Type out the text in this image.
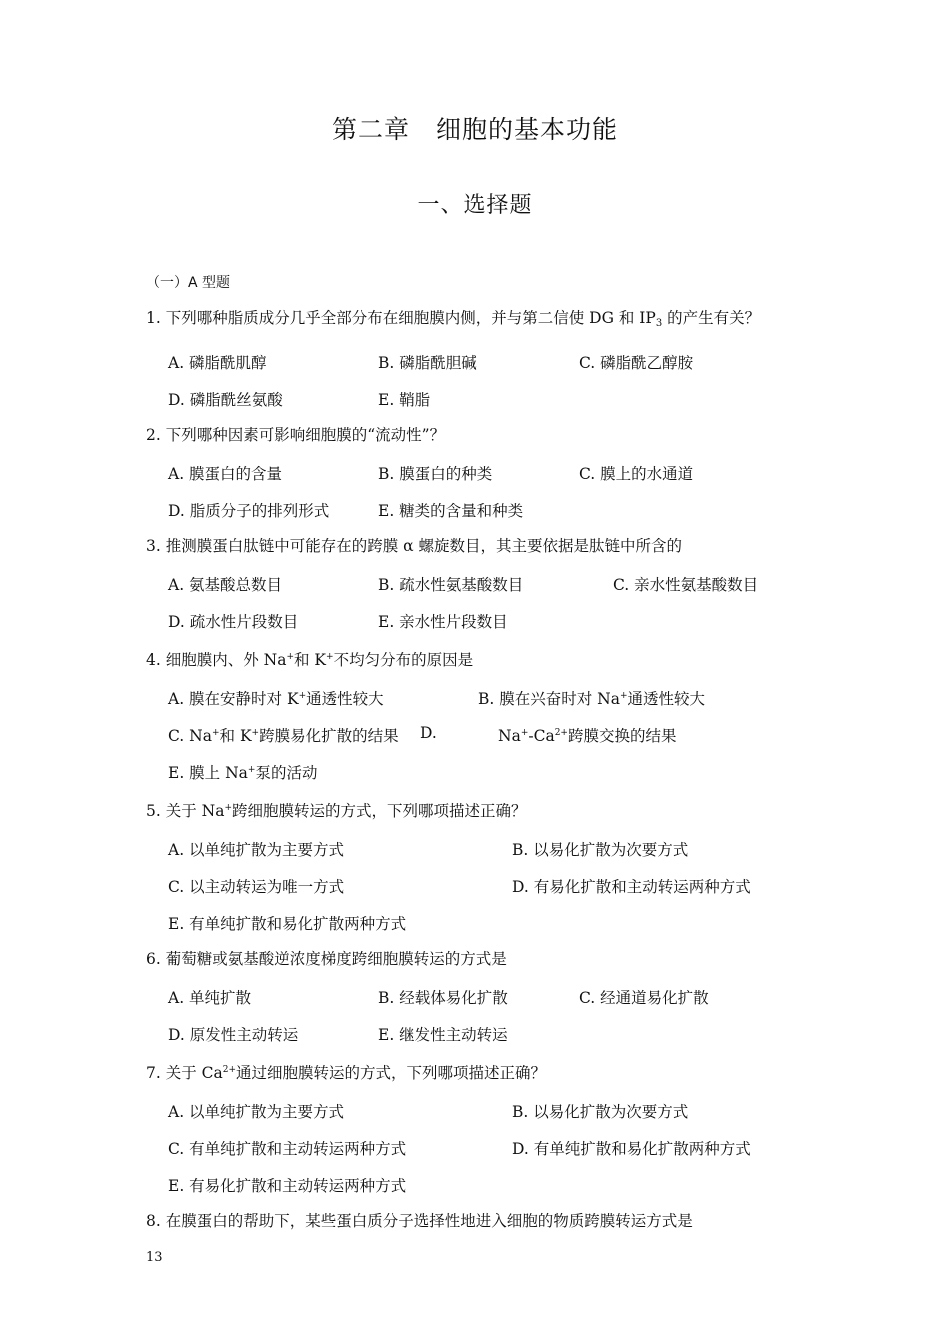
第二章　细胞的基本功能
一、选择题
（一）A 型题
1. 下列哪种脂质成分几乎全部分布在细胞膜内侧，并与第二信使 DG 和 $IP_3$ 的产生有关？
A. 磷脂酰肌醇	B. 磷脂酰胆碱	C. 磷脂酰乙醇胺
D. 磷脂酰丝氨酸	E. 鞘脂
2. 下列哪种因素可影响细胞膜的“流动性”？
A. 膜蛋白的含量	B. 膜蛋白的种类	C. 膜上的水通道
D. 脂质分子的排列形式	E. 糖类的含量和种类
3. 推测膜蛋白肽链中可能存在的跨膜 α 螺旋数目，其主要依据是肽链中所含的
A. 氨基酸总数目	B. 疏水性氨基酸数目	C. 亲水性氨基酸数目
D. 疏水性片段数目	E. 亲水性片段数目
4. 细胞膜内、外 Na+和 K+不均匀分布的原因是
A. 膜在安静时对 K+通透性较大	B. 膜在兴奋时对 Na+通透性较大
C. Na+和 K+跨膜易化扩散的结果 D.	$Na^+-Ca^{2+}$跨膜交换的结果
E. 膜上 Na+泵的活动
5. 关于 Na+跨细胞膜转运的方式，下列哪项描述正确？
A. 以单纯扩散为主要方式	B. 以易化扩散为次要方式
C. 以主动转运为唯一方式	D. 有易化扩散和主动转运两种方式
E. 有单纯扩散和易化扩散两种方式
6. 葡萄糖或氨基酸逆浓度梯度跨细胞膜转运的方式是
A. 单纯扩散	B. 经载体易化扩散	C. 经通道易化扩散
D. 原发性主动转运	E. 继发性主动转运
7. 关于 $Ca^{2+}$通过细胞膜转运的方式，下列哪项描述正确？
A. 以单纯扩散为主要方式	B. 以易化扩散为次要方式
C. 有单纯扩散和主动转运两种方式	D. 有单纯扩散和易化扩散两种方式
E. 有易化扩散和主动转运两种方式
8. 在膜蛋白的帮助下，某些蛋白质分子选择性地进入细胞的物质跨膜转运方式是
13
